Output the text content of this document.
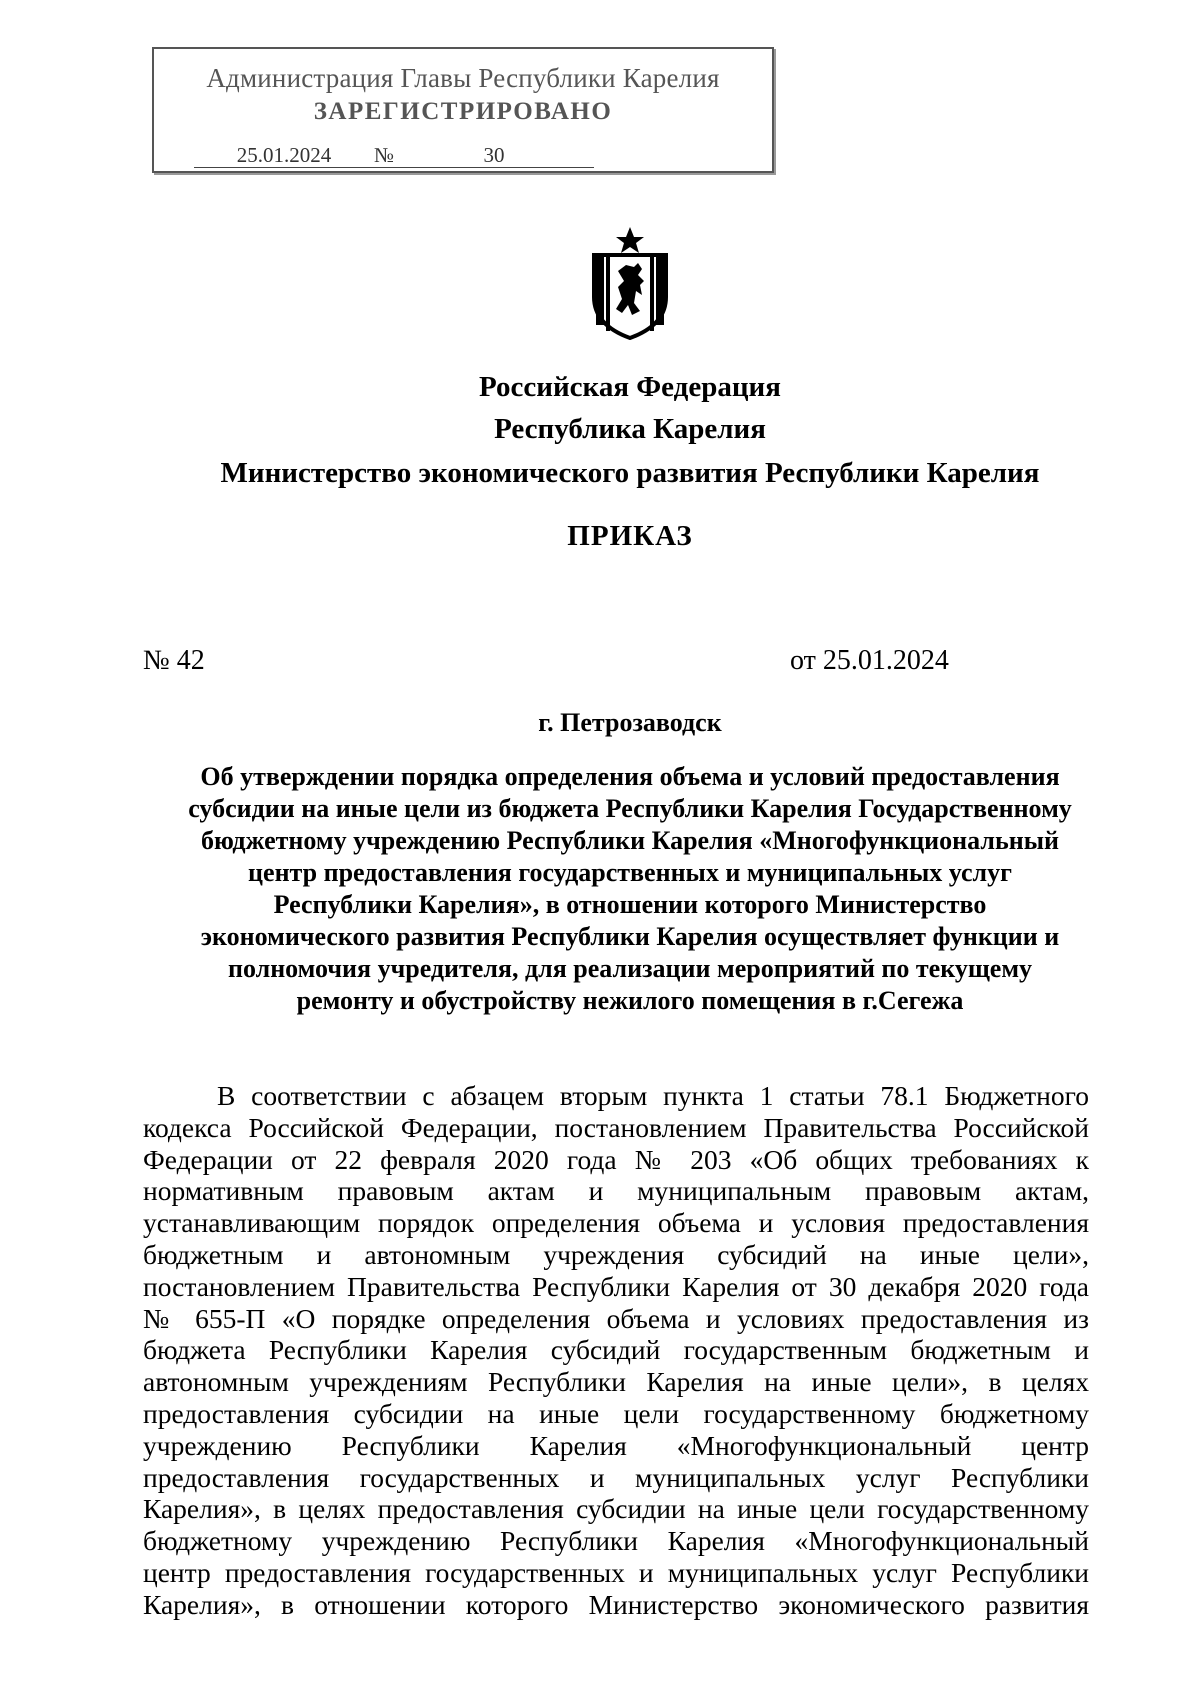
Администрация Главы Республики Карелия
ЗАРЕГИСТРИРОВАНО
25.01.2024 №	30
Российская Федерация
Республика Карелия
Министерство экономического развития Республики Карелия
ПРИКАЗ
№ 42	от 25.01.2024
г. Петрозаводск
Об утверждении порядка определения объема и условий предоставления
субсидии на иные цели из бюджета Республики Карелия Государственному
бюджетному учреждению Республики Карелия «Многофункциональный
центр предоставления государственных и муниципальных услуг
Республики Карелия», в отношении которого Министерство
экономического развития Республики Карелия осуществляет функции и
полномочия учредителя, для реализации мероприятий по текущему
ремонту и обустройству нежилого помещения в г.Сегежа
В соответствии с абзацем вторым пункта 1 статьи 78.1 Бюджетного
кодекса Российской Федерации, постановлением Правительства Российской
Федерации от 22 февраля 2020 года № 203 «Об общих требованиях к
нормативным правовым актам и муниципальным правовым актам,
устанавливающим порядок определения объема и условия предоставления
бюджетным и автономным учреждения субсидий на иные цели»,
постановлением Правительства Республики Карелия от 30 декабря 2020 года
№ 655-П «О порядке определения объема и условиях предоставления из
бюджета Республики Карелия субсидий государственным бюджетным и
автономным учреждениям Республики Карелия на иные цели», в целях
предоставления субсидии на иные цели государственному бюджетному
учреждению Республики Карелия «Многофункциональный центр
предоставления государственных и муниципальных услуг Республики
Карелия», в целях предоставления субсидии на иные цели государственному
бюджетному учреждению Республики Карелия «Многофункциональный
центр предоставления государственных и муниципальных услуг Республики
Карелия», в отношении которого Министерство экономического развития
